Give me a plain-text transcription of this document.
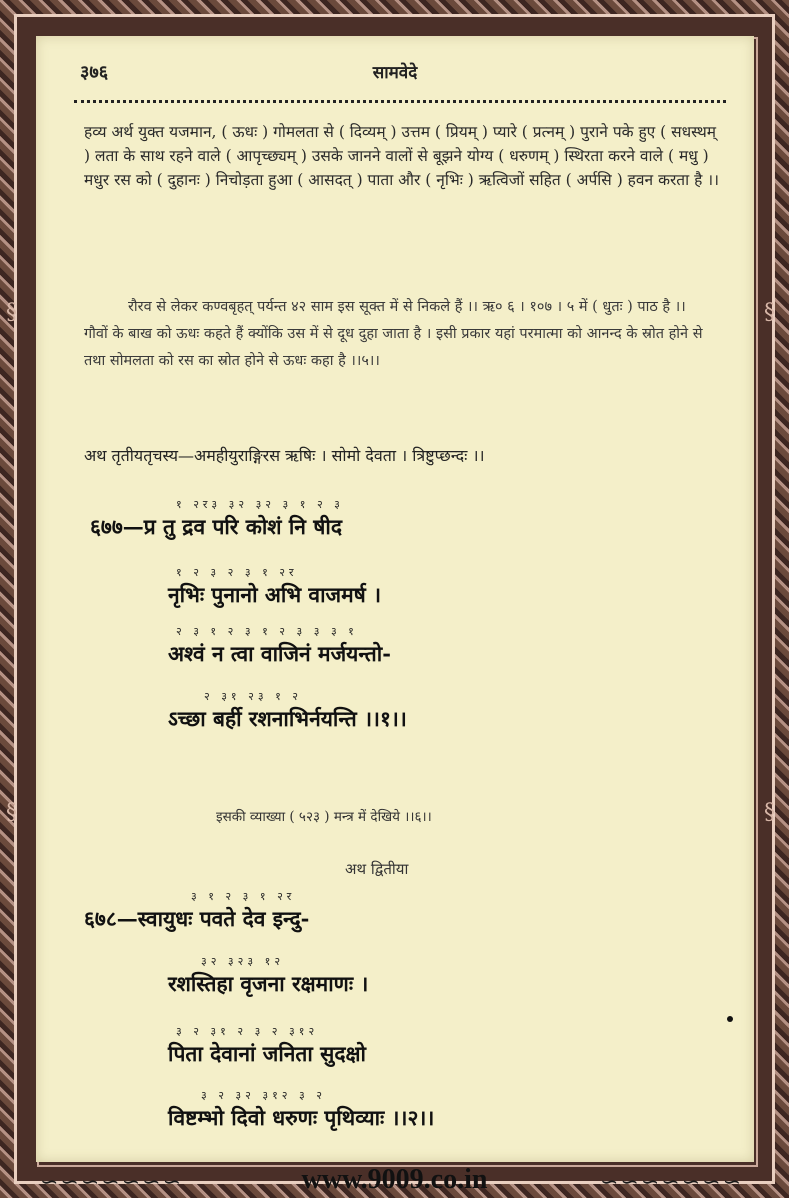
§
§
§
§
३७६	सामवेदे
हव्य अर्थ युक्त यजमान, ( ऊधः ) गोमलता से ( दिव्यम् ) उत्तम ( प्रियम् ) प्यारे ( प्रत्नम् ) पुराने पके हुए ( सधस्थम् ) लता के साथ रहने वाले ( आपृच्छ्यम् ) उसके जानने वालों से बूझने योग्य ( धरुणम् ) स्थिरता करने वाले ( मधु ) मधुर रस को ( दुहानः ) निचोड़ता हुआ ( आसदत् ) पाता और ( नृभिः ) ऋत्विजों सहित ( अर्पसि ) हवन करता है ।।
रौरव से लेकर कण्वबृहत् पर्यन्त ४२ साम इस सूक्त में से निकले हैं ।। ऋ० ६ । १०७ । ५ में ( धुतः ) पाठ है ।। गौवों के बाख को ऊधः कहते हैं क्योंकि उस में से दूध दुहा जाता है । इसी प्रकार यहां परमात्मा को आनन्द के स्रोत होने से तथा सोमलता को रस का स्रोत होने से ऊधः कहा है ।।५।।
अथ तृतीयतृचस्य—अमहीयुराङ्गिरस ऋषिः । सोमो देवता । त्रिष्टुप्छन्दः ।।
१ २र३ ३२ ३२ ३ १ २ ३
६७७—प्र तु द्रव परि कोशं नि षीद
१ २ ३ २ ३ १ २र
नृभिः पुनानो अभि वाजमर्ष ।
२ ३ १ २ ३ १ २ ३ ३ ३ १
अश्वं न त्वा वाजिनं मर्जयन्तो-
२ ३१ २३ १ २
ऽच्छा बर्ही रशनाभिर्नयन्ति ।।१।।
इसकी व्याख्या ( ५२३ ) मन्त्र में देखिये ।।६।।
अथ द्वितीया
३ १ २ ३ १ २र
६७८—स्वायुधः पवते देव इन्दु-
३२ ३२३ १२
रशस्तिहा वृजना रक्षमाणः ।
३ २ ३१ २ ३ २ ३१२
पिता देवानां जनिता सुदक्षो
३ २ ३२ ३१२ ३ २
विष्टम्भो दिवो धरुणः पृथिव्याः ।।२।।
∽∽∽∽∽∽∽	∽∽∽∽∽∽∽
www.9009.co.in
